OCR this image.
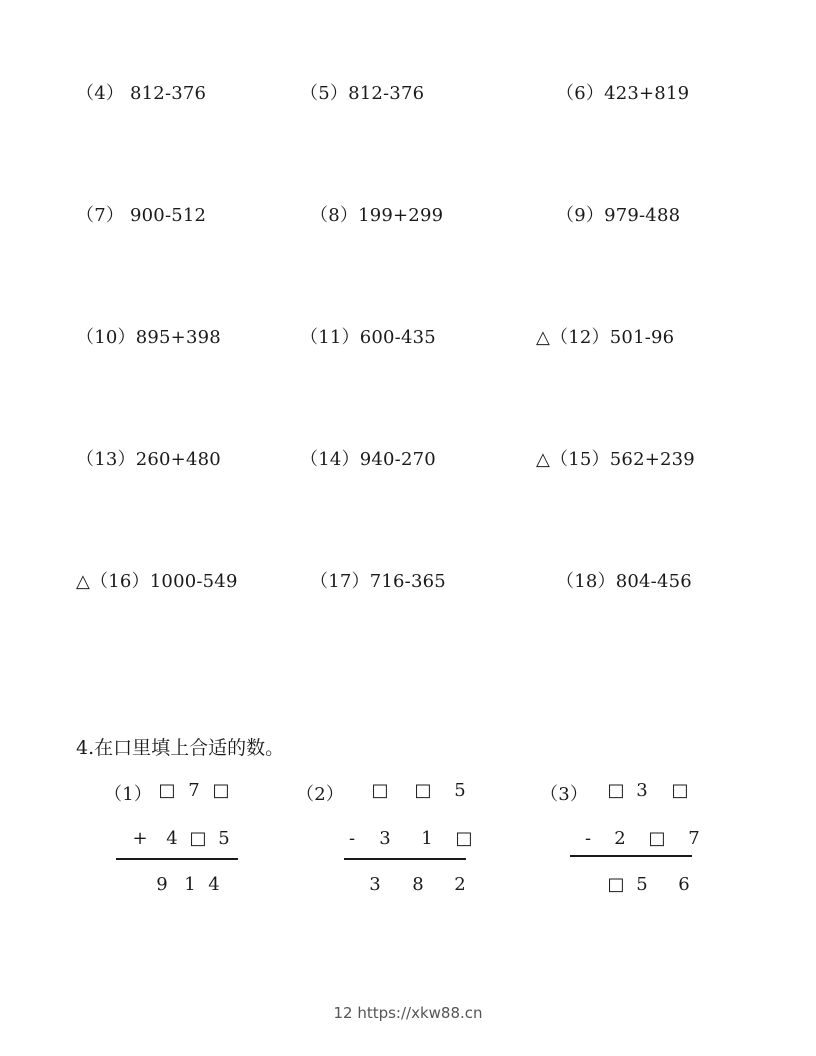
（4） 812-376	（5）812-376	（6）423+819
（7） 900-512	（8）199+299	（9）979-488
（10）895+398	（11）600-435	△（12）501-96
（13）260+480	（14）940-270	△（15）562+239
△（16）1000-549	（17）716-365	（18）804-456
4.在口里填上合适的数。
（1） □ 7 □
+ 4 □ 5
9 1 4
（2） □ □ 5
-	3 1 □
3 8 2
（3） □ 3 □
-	2 □ 7
□ 5 6
12 https://xkw88.cn
